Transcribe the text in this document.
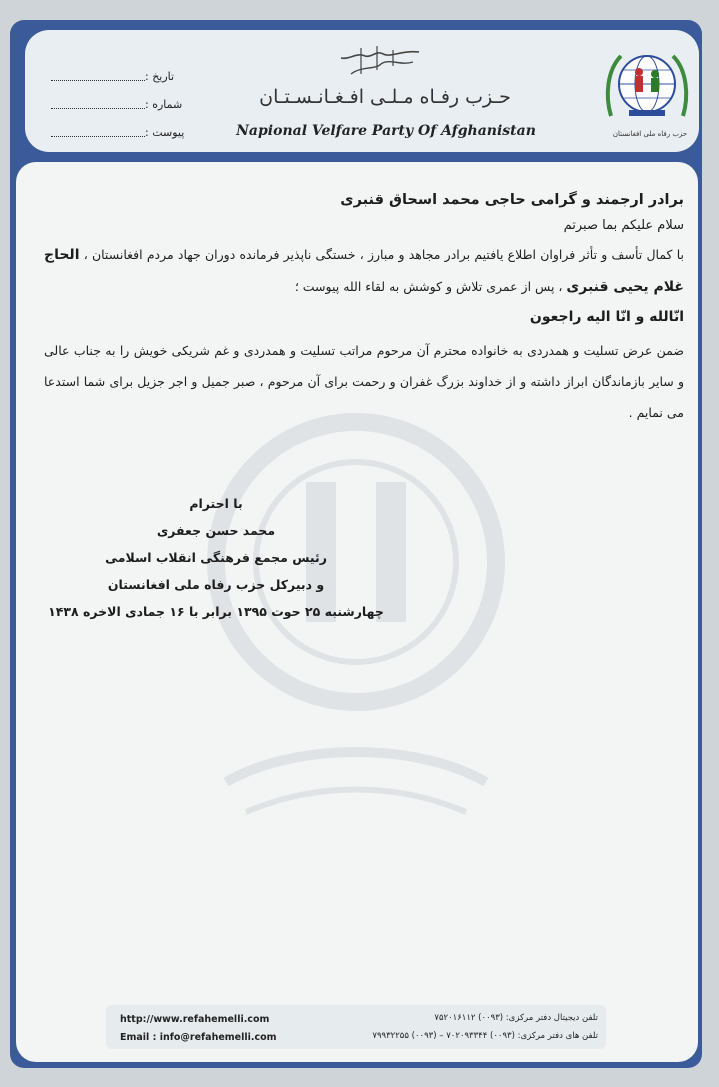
تاریخ :
شماره :
پیوست :
حـزب رفـاه مـلـی افـغـانـسـتـان
Napional Velfare Party Of Afghanistan	حزب رفاه ملی افغانستان

برادر ارجمند و گرامی حاجی محمد اسحاق قنبری

سلام علیکم بما صبرتم

با کمال تأسف و تأثر فراوان اطلاع یافتیم برادر مجاهد و مبارز ، خستگی ناپذیر فرمانده دوران جهاد مردم افغانستان ، الحاج غلام یحیی قنبری ، پس از عمری تلاش و کوشش به لقاء الله پیوست ؛

انّالله و انّا الیه راجعون

ضمن عرض تسلیت و همدردی به خانواده محترم آن مرحوم مراتب تسلیت و همدردی و غم شریکی خویش را به جناب عالی و سایر بازماندگان ابراز داشته و از خداوند بزرگ غفران و رحمت برای آن مرحوم ، صبر جمیل و اجر جزیل برای شما استدعا می نمایم .

با احترام
محمد حسن جعفری
رئیس مجمع فرهنگی انقلاب اسلامی
و دبیرکل حزب رفاه ملی افغانستان
چهارشنبه ۲۵ حوت ۱۳۹۵ برابر با ۱۶ جمادی الاخره ۱۴۳۸
http://www.refahemelli.com
Email : info@refahemelli.com
تلفن دیجیتال دفتر مرکزی: (۰۰۹۳) ۷۵۲۰۱۶۱۱۲
تلفن های دفتر مرکزی: (۰۰۹۳) ۷۰۲۰۹۳۳۴۴ – (۰۰۹۳) ۷۹۹۳۲۲۵۵
